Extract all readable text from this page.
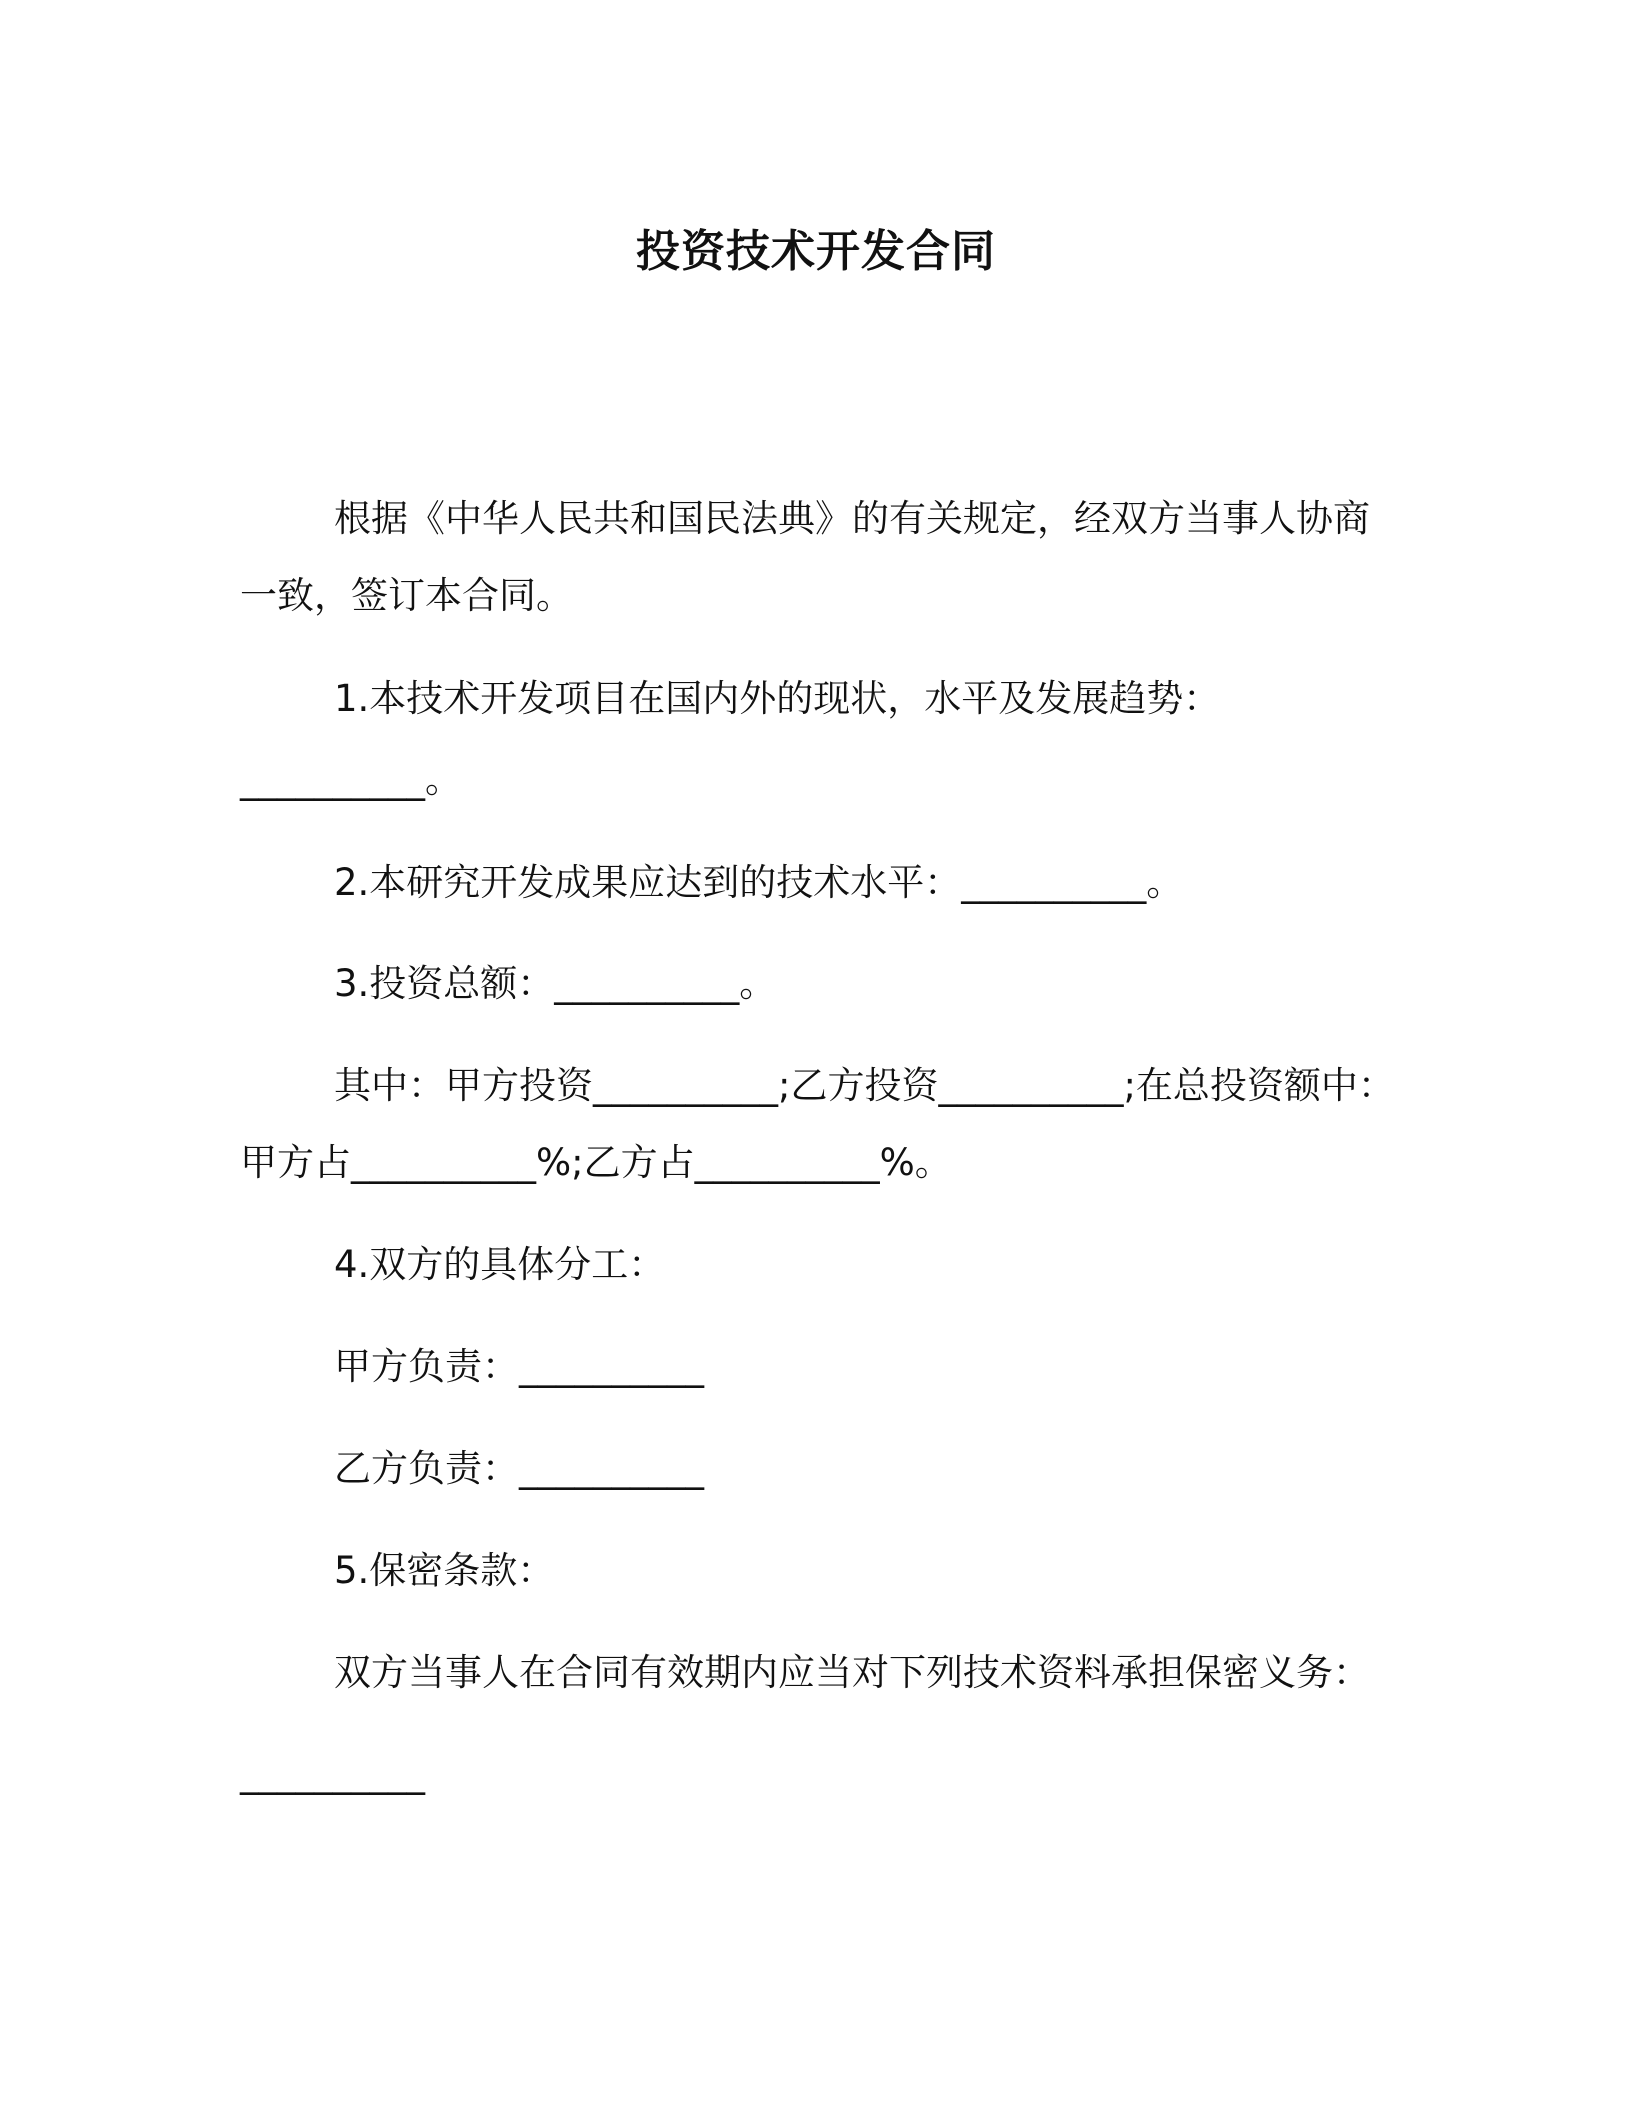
投资技术开发合同
根据《中华人民共和国民法典》的有关规定，经双方当事人协商
一致，签订本合同。
1.本技术开发项目在国内外的现状，水平及发展趋势：
__________。
2.本研究开发成果应达到的技术水平：__________。
3.投资总额：__________。
其中：甲方投资__________;乙方投资__________;在总投资额中：
甲方占__________%;乙方占__________%。
4.双方的具体分工：
甲方负责：__________
乙方负责：__________
5.保密条款：
双方当事人在合同有效期内应当对下列技术资料承担保密义务：
__________
